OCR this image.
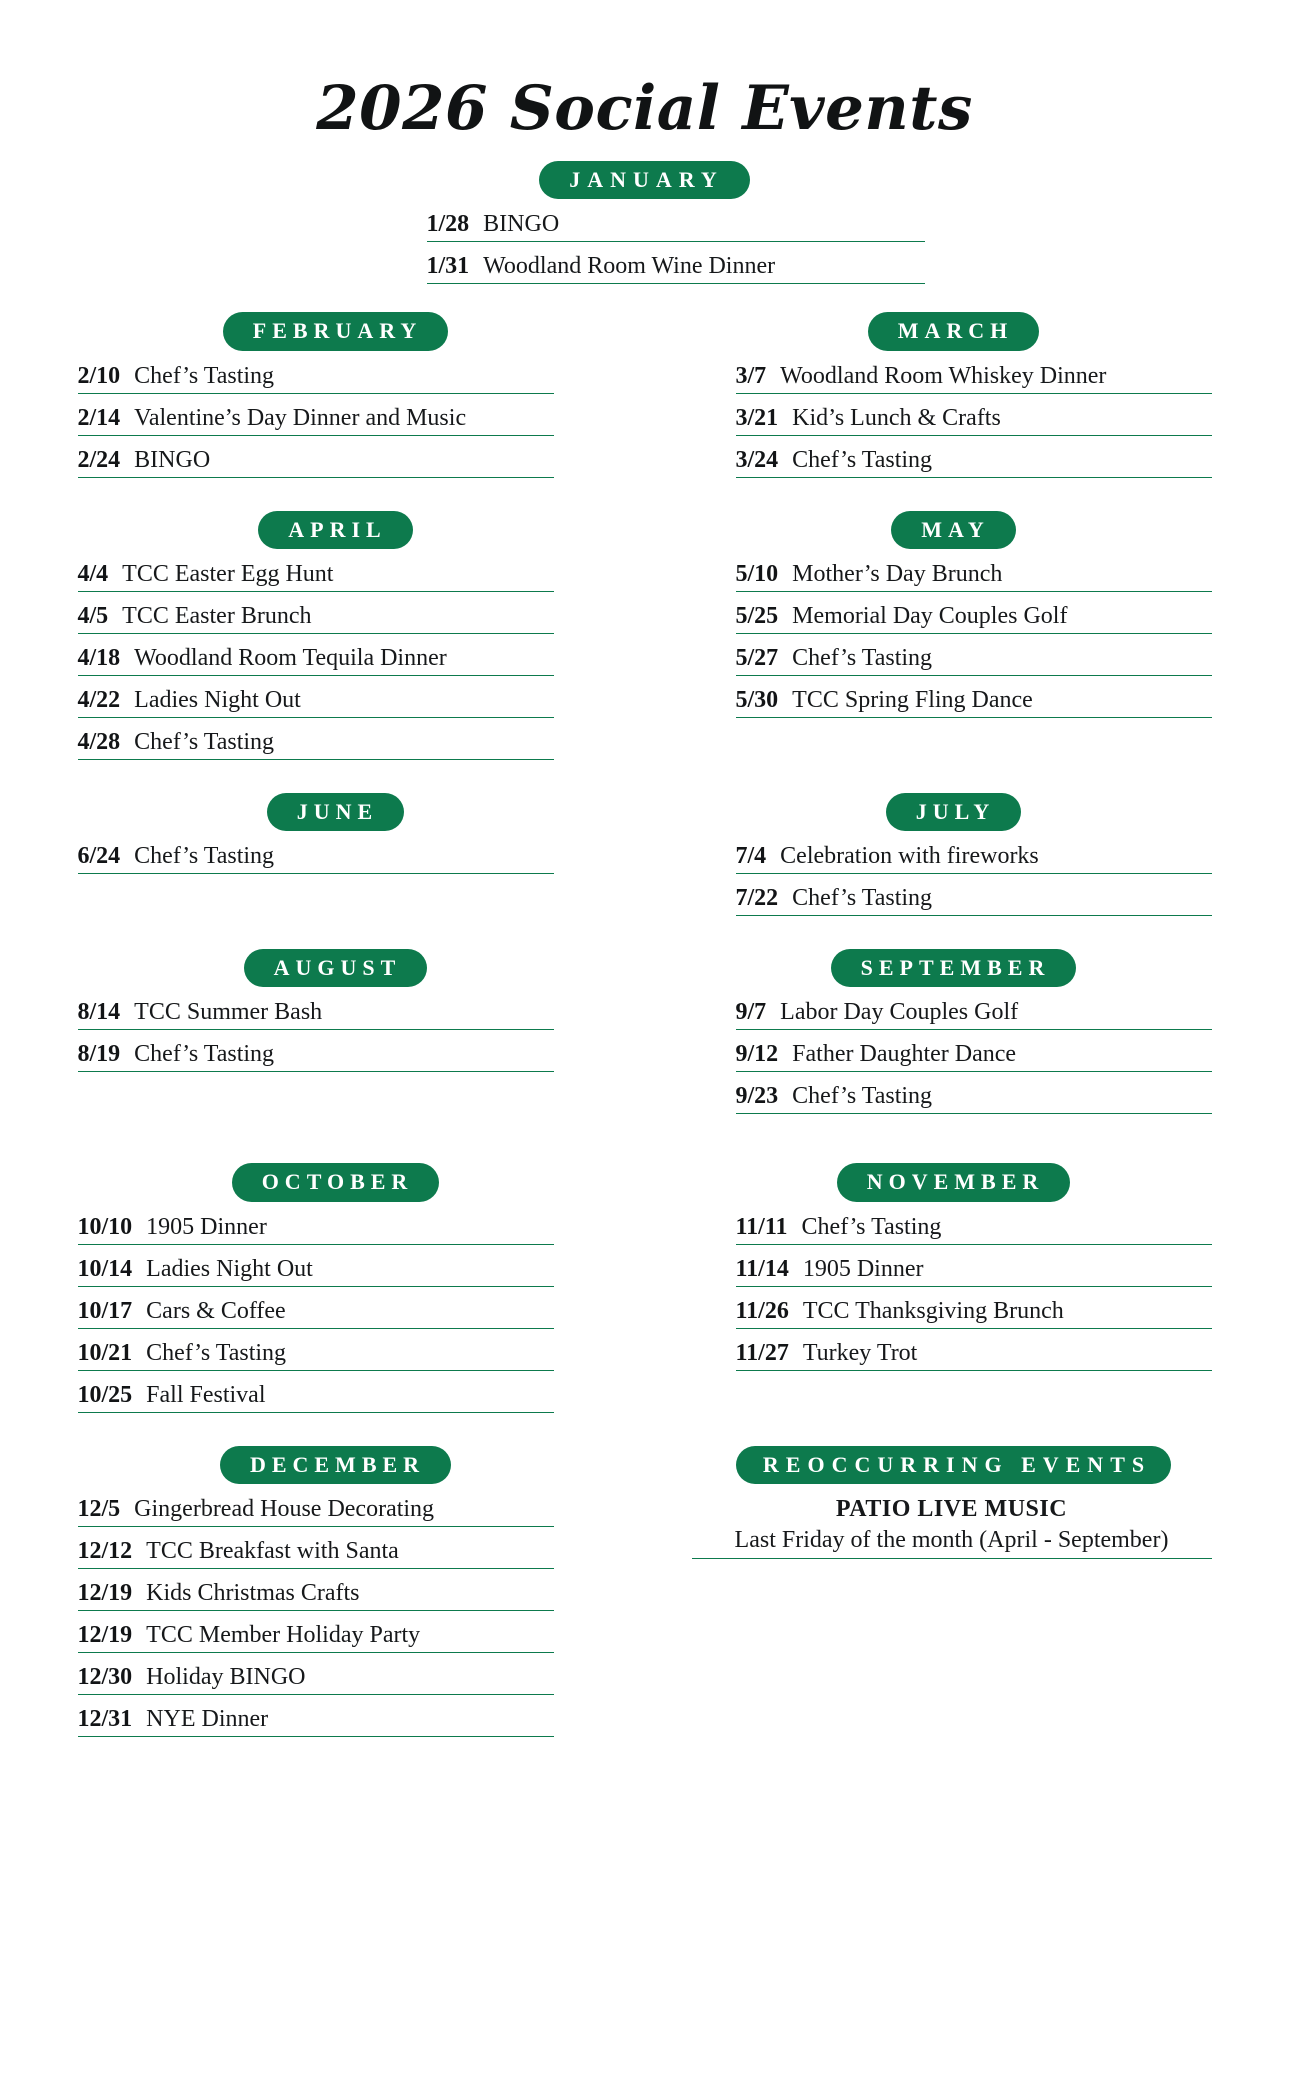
2026 Social Events
JANUARY
1/28 BINGO
1/31 Woodland Room Wine Dinner
FEBRUARY
2/10 Chef’s Tasting
2/14 Valentine’s Day Dinner and Music
2/24 BINGO
MARCH
3/7 Woodland Room Whiskey Dinner
3/21 Kid’s Lunch & Crafts
3/24 Chef’s Tasting
APRIL
4/4 TCC Easter Egg Hunt
4/5 TCC Easter Brunch
4/18 Woodland Room Tequila Dinner
4/22 Ladies Night Out
4/28 Chef’s Tasting
MAY
5/10 Mother’s Day Brunch
5/25 Memorial Day Couples Golf
5/27 Chef’s Tasting
5/30 TCC Spring Fling Dance
JUNE
6/24 Chef’s Tasting
JULY
7/4 Celebration with fireworks
7/22 Chef’s Tasting
AUGUST
8/14 TCC Summer Bash
8/19 Chef’s Tasting
SEPTEMBER
9/7 Labor Day Couples Golf
9/12 Father Daughter Dance
9/23 Chef’s Tasting
OCTOBER
10/10 1905 Dinner
10/14 Ladies Night Out
10/17 Cars & Coffee
10/21 Chef’s Tasting
10/25 Fall Festival
NOVEMBER
11/11 Chef’s Tasting
11/14 1905 Dinner
11/26 TCC Thanksgiving Brunch
11/27 Turkey Trot
DECEMBER
12/5 Gingerbread House Decorating
12/12 TCC Breakfast with Santa
12/19 Kids Christmas Crafts
12/19 TCC Member Holiday Party
12/30 Holiday BINGO
12/31 NYE Dinner
REOCCURRING EVENTS
PATIO LIVE MUSIC
Last Friday of the month (April - September)
